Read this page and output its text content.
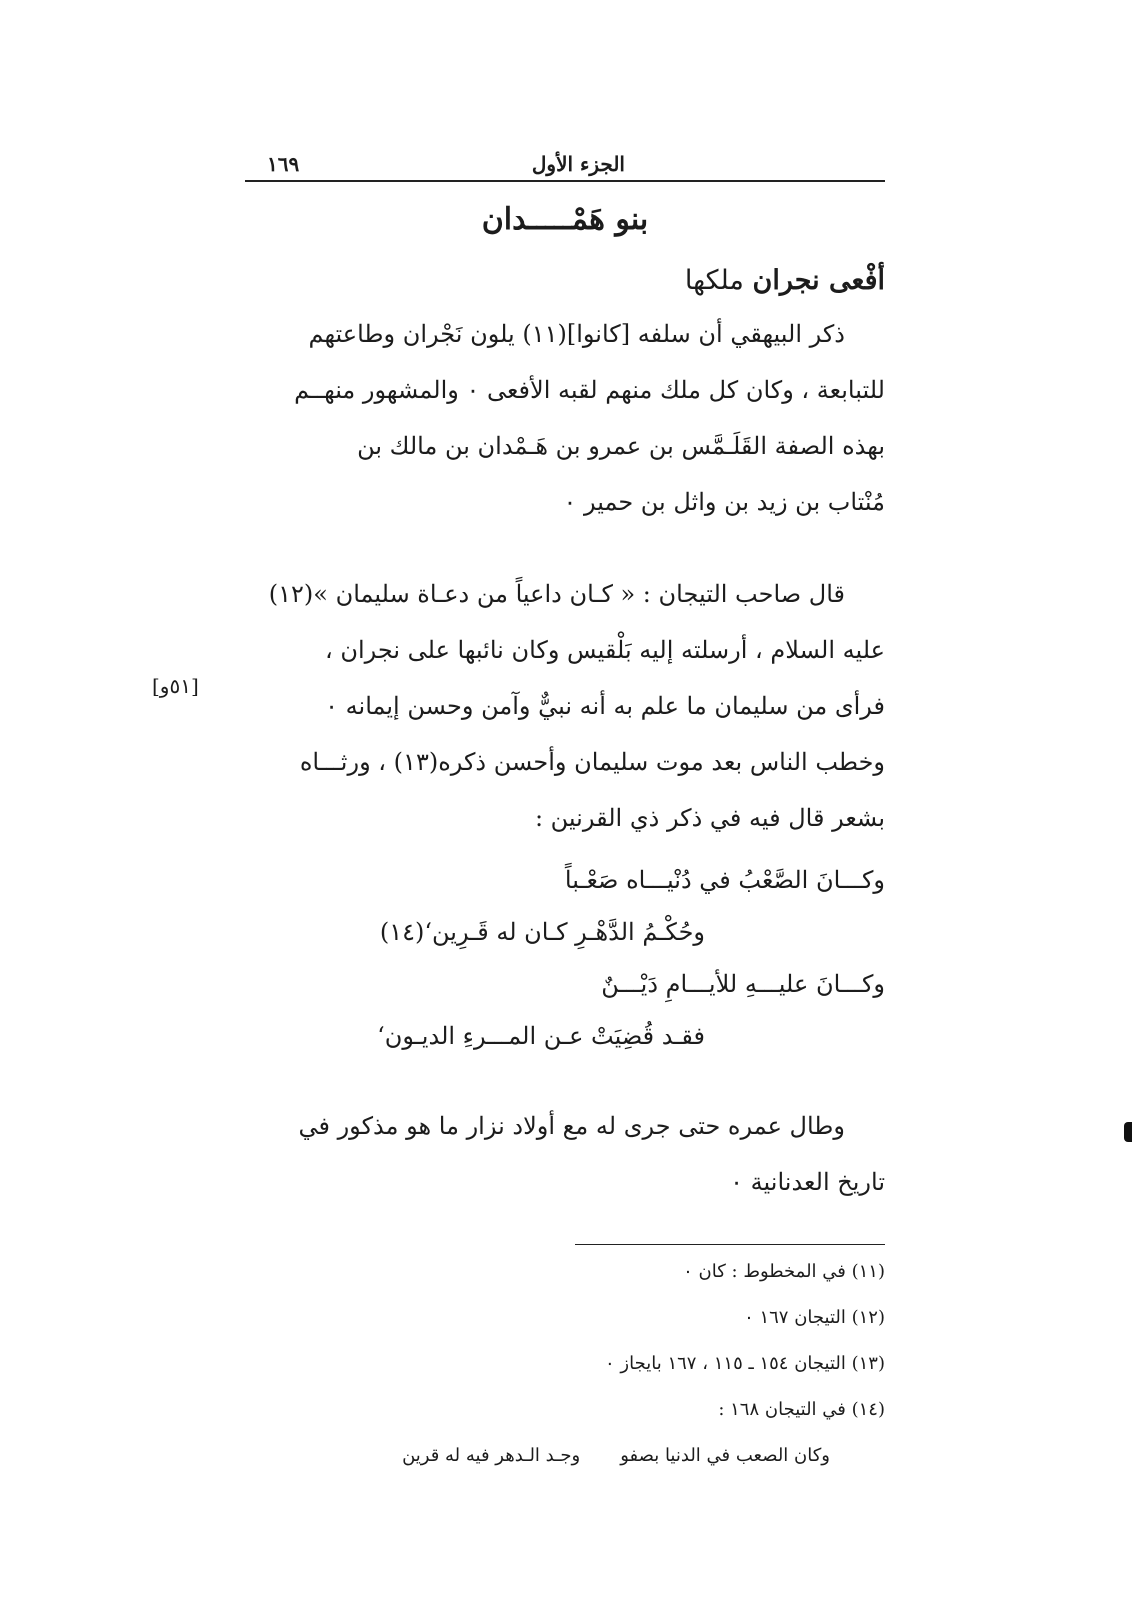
الجزء الأول
١٦٩
بنو هَمْـــــدان
أفْعى نجران ملكها
ذكر البيهقي أن سلفه [كانوا](١١) يلون نَجْران وطاعتهم
للتبابعة ، وكان كل ملك منهم لقبه الأفعى ٠ والمشهور منهــم
بهذه الصفة القَلَـمَّس بن عمرو بن هَـمْدان بن مالك بن
مُنْتاب بن زيد بن واثل بن حمير ٠
قال صاحب التيجان : « كـان داعياً من دعـاة سليمان »(١٢)
عليه السلام ، أرسلته إليه بَلْقيس وكان نائبها على نجران ،
فرأى من سليمان ما علم به أنه نبيٌّ وآمن وحسن إيمانه ٠
وخطب الناس بعد موت سليمان وأحسن ذكره(١٣) ، ورثـــاه
بشعر قال فيه في ذكر ذي القرنين :
وكـــانَ الصَّعْبُ في دُنْيـــاه صَعْـباً
وحُكْـمُ الدَّهْـرِ كـان له قَـرِين‘(١٤)
وكـــانَ عليـــهِ للأيـــامِ دَيْـــنٌ
فقـد قُضِيَتْ عـن المـــرءِ الديـون‘
وطال عمره حتى جرى له مع أولاد نزار ما هو مذكور في
تاريخ العدنانية ٠
(١١) في المخطوط : كان ٠
(١٢) التيجان ١٦٧ ٠
(١٣) التيجان ١٥٤ ـ ١١٥ ، ١٦٧ بايجاز ٠
(١٤) في التيجان ١٦٨ :
وكان الصعب في الدنيا بصفو
وجـد الـدهر فيه له قرين
[٥١و]
